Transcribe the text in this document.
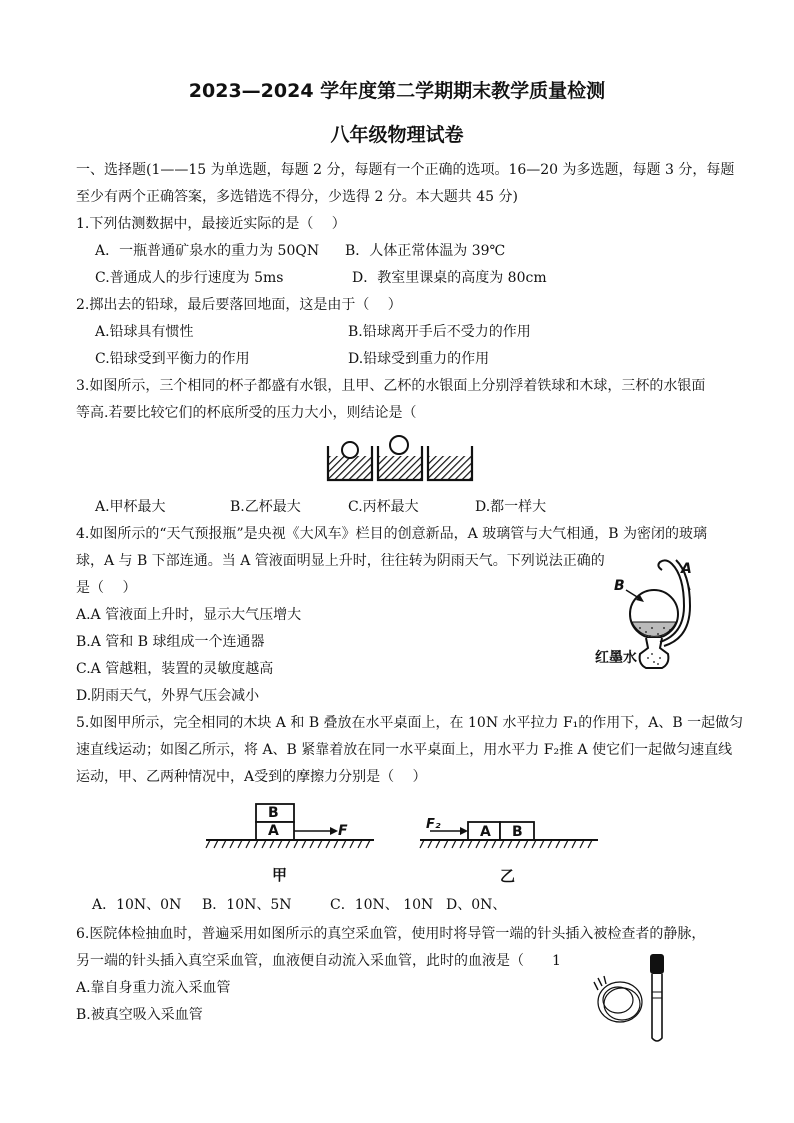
2023—2024 学年度第二学期期末教学质量检测
八年级物理试卷
一、选择题(1——15 为单选题，每题 2 分，每题有一个正确的选项。16—20 为多选题，每题 3 分，每题
至少有两个正确答案，多选错选不得分，少选得 2 分。本大题共 45 分)
1.下列估测数据中，最接近实际的是（　 ）
A．一瓶普通矿泉水的重力为 50QN B．人体正常体温为 39℃
C.普通成人的步行速度为 5ms	D．教室里课桌的高度为 80cm
2.掷出去的铅球，最后要落回地面，这是由于（　 ）
A.铅球具有惯性	B.铅球离开手后不受力的作用
C.铅球受到平衡力的作用	D.铅球受到重力的作用
3.如图所示，三个相同的杯子都盛有水银，且甲、乙杯的水银面上分别浮着铁球和木球，三杯的水银面
等高.若要比较它们的杯底所受的压力大小，则结论是（
A.甲杯最大	B.乙杯最大	C.丙杯最大	D.都一样大
4.如图所示的“天气预报瓶”是央视《大风车》栏目的创意新品，A 玻璃管与大气相通，B 为密闭的玻璃
球，A 与 B 下部连通。当 A 管液面明显上升时，往往转为阴雨天气。下列说法正确的
是（　 ）
A.A 管液面上升时，显示大气压增大
B.A 管和 B 球组成一个连通器
C.A 管越粗，装置的灵敏度越高
D.阴雨天气，外界气压会减小
B
A
红墨水
5.如图甲所示，完全相同的木块 A 和 B 叠放在水平桌面上，在 10N 水平拉力 F₁的作用下，A、B 一起做匀
速直线运动；如图乙所示，将 A、B 紧靠着放在同一水平桌面上，用水平力 F₂推 A 使它们一起做匀速直线
运动，甲、乙两种情况中，A受到的摩擦力分别是（　 ）
B
A	F
甲
F₂	A B
乙
A．10N、0N B．10N、5N	C．10N、 10N D、0N、
6.医院体检抽血时，普遍采用如图所示的真空采血管，使用时将导管一端的针头插入被检查者的静脉，
另一端的针头插入真空采血管，血液便自动流入采血管，此时的血液是（　　1
A.靠自身重力流入采血管
B.被真空吸入采血管
